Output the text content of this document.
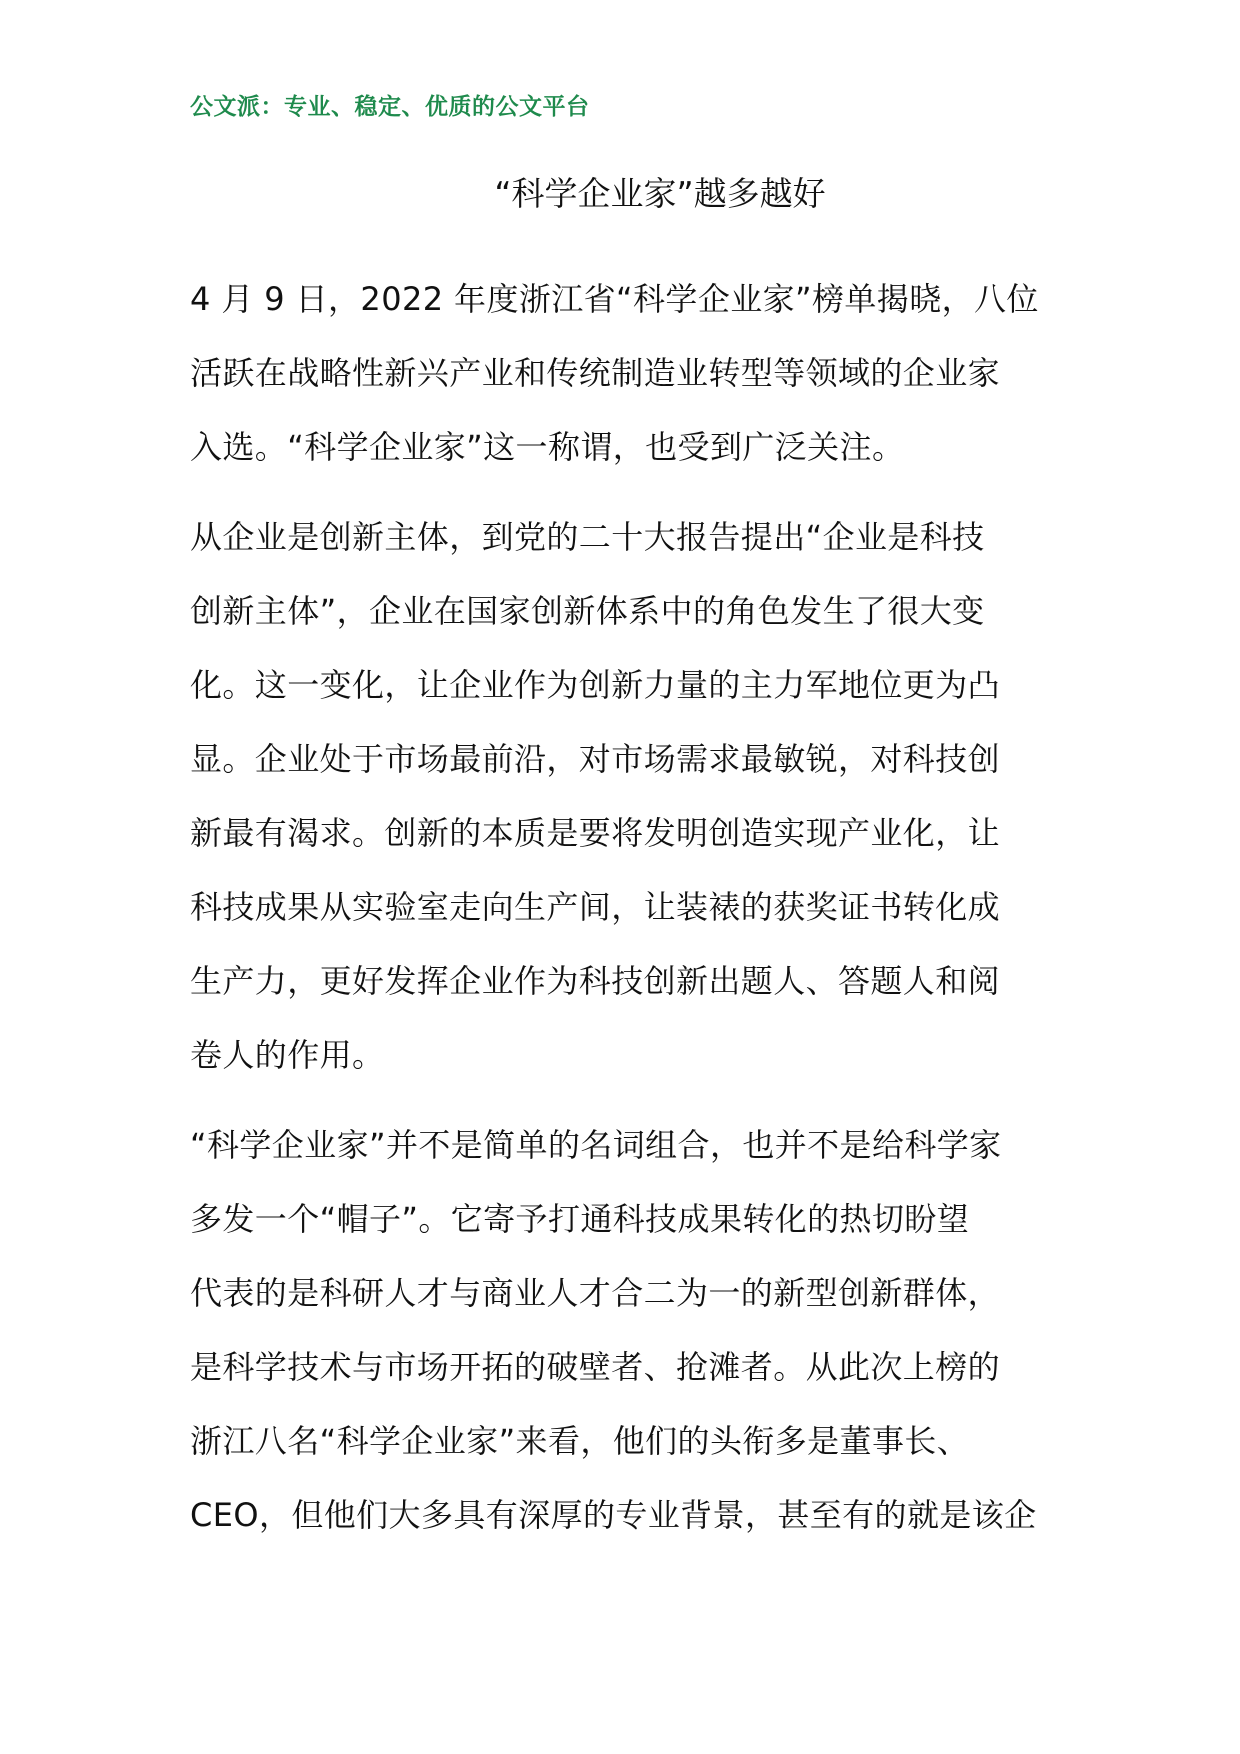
公文派：专业、稳定、优质的公文平台
“科学企业家”越多越好
4 月 9 日，2022 年度浙江省“科学企业家”榜单揭晓，八位
活跃在战略性新兴产业和传统制造业转型等领域的企业家
入选。“科学企业家”这一称谓，也受到广泛关注。
从企业是创新主体，到党的二十大报告提出“企业是科技
创新主体”，企业在国家创新体系中的角色发生了很大变
化。这一变化，让企业作为创新力量的主力军地位更为凸
显。企业处于市场最前沿，对市场需求最敏锐，对科技创
新最有渴求。创新的本质是要将发明创造实现产业化，让
科技成果从实验室走向生产间，让装裱的获奖证书转化成
生产力，更好发挥企业作为科技创新出题人、答题人和阅
卷人的作用。
“科学企业家”并不是简单的名词组合，也并不是给科学家
多发一个“帽子”。它寄予打通科技成果转化的热切盼望
代表的是科研人才与商业人才合二为一的新型创新群体，
是科学技术与市场开拓的破壁者、抢滩者。从此次上榜的
浙江八名“科学企业家”来看，他们的头衔多是董事长、
CEO，但他们大多具有深厚的专业背景，甚至有的就是该企
